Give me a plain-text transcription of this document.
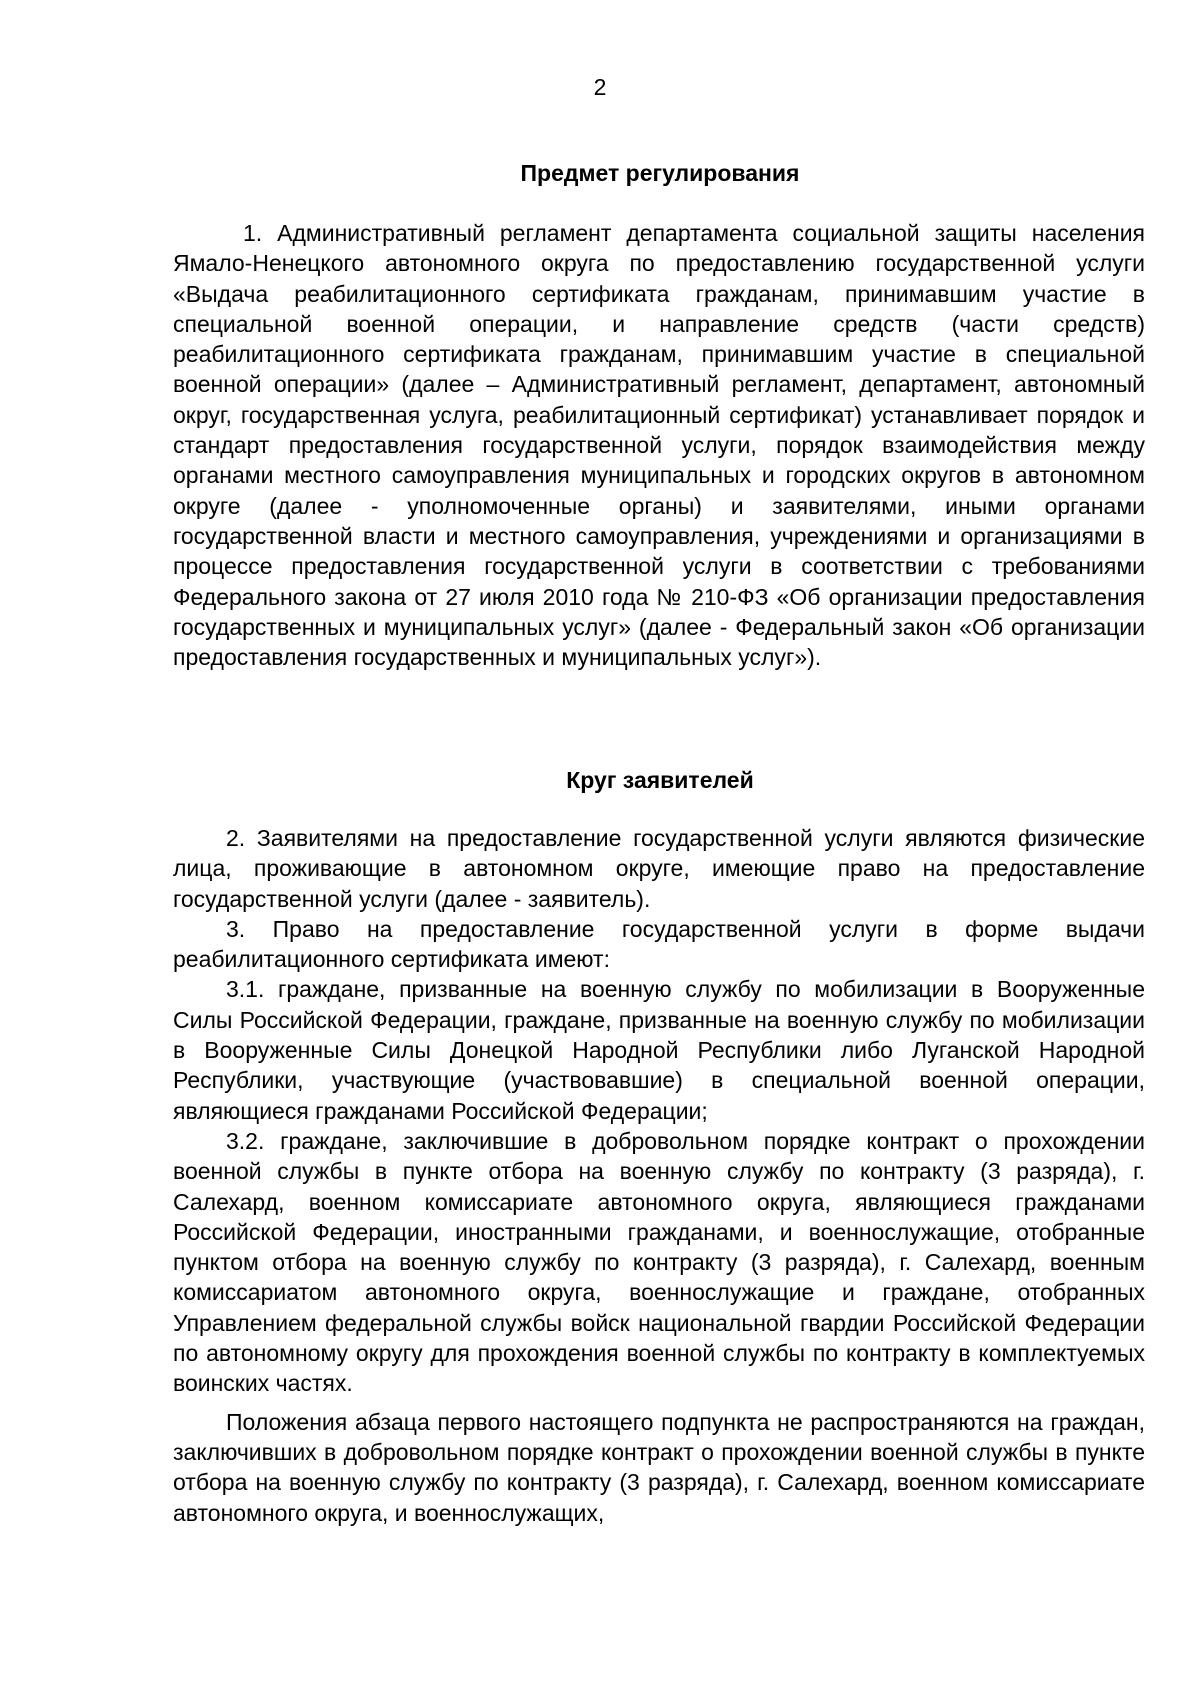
2

Предмет регулирования

1. Административный регламент департамента социальной защиты населения Ямало-Ненецкого автономного округа по предоставлению государственной услуги «Выдача реабилитационного сертификата гражданам, принимавшим участие в специальной военной операции, и направление средств (части средств) реабилитационного сертификата гражданам, принимавшим участие в специальной военной операции» (далее – Административный регламент, департамент, автономный округ, государственная услуга, реабилитационный сертификат) устанавливает порядок и стандарт предоставления государственной услуги, порядок взаимодействия между органами местного самоуправления муниципальных и городских округов в автономном округе (далее - уполномоченные органы) и заявителями, иными органами государственной власти и местного самоуправления, учреждениями и организациями в процессе предоставления государственной услуги в соответствии с требованиями Федерального закона от 27 июля 2010 года № 210-ФЗ «Об организации предоставления государственных и муниципальных услуг» (далее - Федеральный закон «Об организации предоставления государственных и муниципальных услуг»).

Круг заявителей

2. Заявителями на предоставление государственной услуги являются физические лица, проживающие в автономном округе, имеющие право на предоставление государственной услуги (далее - заявитель).

3. Право на предоставление государственной услуги в форме выдачи реабилитационного сертификата имеют:

3.1. граждане, призванные на военную службу по мобилизации в Вооруженные Силы Российской Федерации, граждане, призванные на военную службу по мобилизации в Вооруженные Силы Донецкой Народной Республики либо Луганской Народной Республики, участвующие (участвовавшие) в специальной военной операции, являющиеся гражданами Российской Федерации;

3.2. граждане, заключившие в добровольном порядке контракт о прохождении военной службы в пункте отбора на военную службу по контракту (3 разряда), г. Салехард, военном комиссариате автономного округа, являющиеся гражданами Российской Федерации, иностранными гражданами, и военнослужащие, отобранные пунктом отбора на военную службу по контракту (3 разряда), г. Салехард, военным комиссариатом автономного округа, военнослужащие и граждане, отобранных Управлением федеральной службы войск национальной гвардии Российской Федерации по автономному округу для прохождения военной службы по контракту в комплектуемых воинских частях.

Положения абзаца первого настоящего подпункта не распространяются на граждан, заключивших в добровольном порядке контракт о прохождении военной службы в пункте отбора на военную службу по контракту (3 разряда), г. Салехард, военном комиссариате автономного округа, и военнослужащих,
